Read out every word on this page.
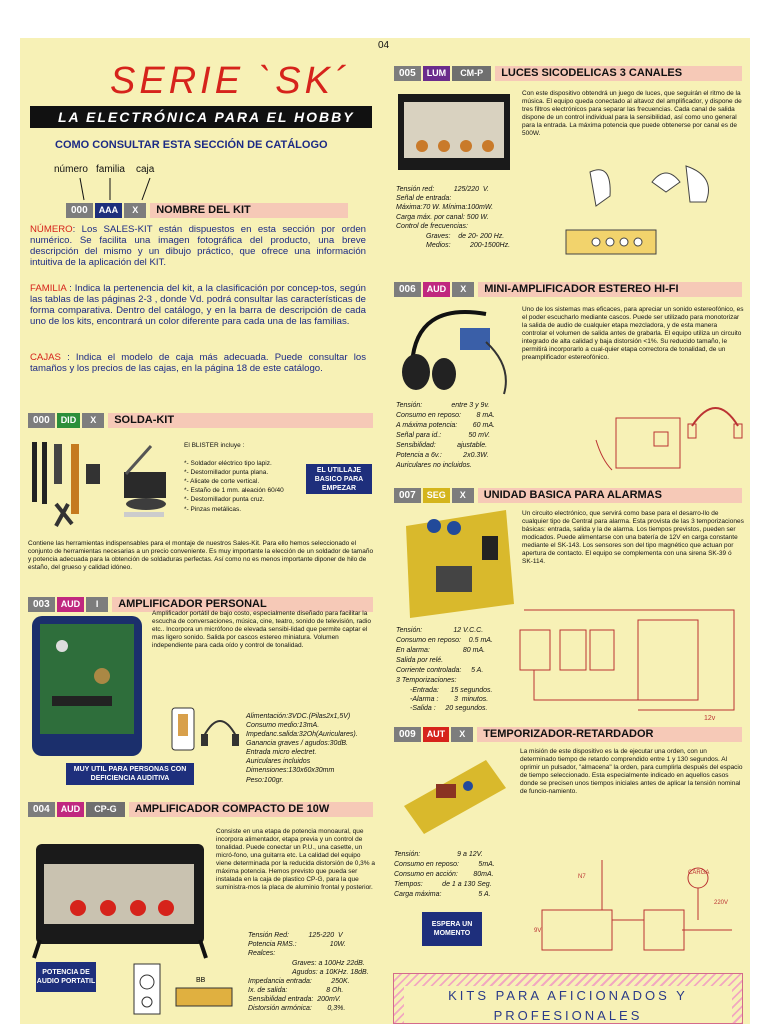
04
SERIE `SK´
LA ELECTRÓNICA PARA EL HOBBY
COMO CONSULTAR ESTA SECCIÓN DE CATÁLOGO
número familia caja
000	AAA	X	NOMBRE DEL KIT
NÚMERO: Los SALES-KIT están dispuestos en esta sección por orden numérico. Se facilita una imagen fotográfica del producto, una breve descripción del mismo y un dibujo práctico, que ofrece una información intuitiva de la aplicación del KIT.
FAMILIA : Indica la pertenencia del kit, a la clasificación por concep-tos, según las tablas de las páginas 2-3 , donde Vd. podrá consultar las características de forma comparativa. Dentro del catálogo, y en la barra de descripción de cada uno de los kits, encontrará un color diferente para cada una de las familias.
CAJAS : Indica el modelo de caja más adecuada. Puede consultar los tamaños y los precios de las cajas, en la página 18 de este catálogo.
000	DID	X	SOLDA-KIT
El BLISTER incluye :
*- Soldador eléctrico tipo lapiz.
*- Destornillador punta plana.
*- Alicate de corte vertical.
*- Estaño de 1 mm. aleación 60/40
*- Destornillador punta cruz.
*- Pinzas metálicas.
EL UTILLAJE BASICO PARA EMPEZAR
Contiene las herramientas indispensables para el montaje de nuestros Sales-Kit. Para ello hemos seleccionado el conjunto de herramientas necesarias a un precio conveniente. Es muy importante la elección de un soldador de tamaño y potencia adecuada para la obtención de soldaduras perfectas. Así como no es menos importante diponer de hilo de estaño, del grueso y calidad idóneo.
003	AUD	I	AMPLIFICADOR PERSONAL
Amplificador portátil de bajo costo, especialmente diseñado para facilitar la escucha de conversaciones, música, cine, teatro, sonido de televisión, radio etc.. Incorpora un micrófono de elevada sensibi-lidad que permite captar el mas ligero sonido. Salida por cascos estereo miniatura. Volumen independiente para cada oído y control de tonalidad.
Alimentación:3VDC.(Pilas2x1,5V)
Consumo medio:13mA.
Impedanc.salida:32Oh(Auriculares).
Ganancia graves / agudos:30dB.
Entrada micro electret.
Auriculares incluidos
Dimensiones:130x60x30mm
Peso:100gr.
MUY UTIL PARA PERSONAS CON DEFICIENCIA AUDITIVA
004	AUD	CP-G	AMPLIFICADOR COMPACTO DE 10W
Consiste en una etapa de potencia monoaural, que incorpora alimentador, etapa previa y un control de tonalidad. Puede conectar un P.U., una casette, un micró-fono, una guitarra etc. La calidad del equipo viene determinada por la reducida distorsión de 0,3% a máxima potencia. Hemos previsto que pueda ser instalada en la caja de plastico CP-G, para la que suministra-mos la placa de aluminio frontal y posterior.
Tensión Red:          125-220  V
Potencia RMS.:                 10W.
Realces:
Graves: a 100Hz 22dB.
Agudos: a 10KHz. 18dB.
Impedancia entrada:          250K.
Ix. de salida:                    8 Oh.
Sensibilidad entrada:  200mV.
Distorsión armónica:        0,3%.
POTENCIA DE AUDIO PORTATIL	BB
005	LUM	CM-P	LUCES SICODELICAS 3 CANALES
Con este dispositivo obtendrá un juego de luces, que seguirán el ritmo de la música. El equipo queda conectado al altavoz del amplificador, y dispone de tres filtros electrónicos para separar las frecuencias. Cada canal de salida dispone de un control individual para la sensibilidad, así como uno general para la entrada. La máxima potencia que puede obtenerse por canal es de 500W.
Tensión red:          125/220  V.
Señal de entrada:
Máxima:70 W. Mínima:100mW.
Carga máx. por canal: 500 W.
Control de frecuencias:
Graves:    de 20- 200 Hz.
Medios:          200-1500Hz.
006	AUD	X	MINI-AMPLIFICADOR ESTEREO HI-FI
Uno de los sistemas mas eficaces, para apreciar un sonido estereofónico, es el poder escucharlo mediante cascos. Puede ser utilizado para monotorizar la salida de audio de cualquier etapa mezcladora, y de esta manera controlar el volumen de salida antes de grabarla. El equipo utiliza un circuito integrado de alta calidad y baja distorsión <1%. Su reducido tamaño, le permitirá incorporarlo a cual-quier etapa correctora de tonalidad, de un preamplificador estereofónico.
Tensión:               entre 3 y 9v.
Consumo en reposo:        8 mA.
A máxima potencia:        60 mA.
Señal para id.:              50 mV.
Sensibilidad:           ajustable.
Potencia a 6v.:           2x0.3W.
Auriculares no incluidos.
007	SEG	X	UNIDAD BASICA PARA ALARMAS
Un circuito electrónico, que servirá como base para el desarro-llo de cualquier tipo de Central para alarma. Esta provista de las 3 temporizaciones básicas: entrada, salida y la de alarma. Los tiempos previstos, pueden ser modicados. Puede alimentarse con una batería de 12V en carga constante mediante el SK-143. Los sensores son del tipo magnético que actuan por apertura de contacto. El equipo se complementa con una sirena SK-39 ó SK-114.
Tensión:                12 V.C.C.
Consumo en reposo:    0.5 mA.
En alarma:                 80 mA.
Salida por relé.
Corriente controlada:     5 A.
3 Temporizaciones:
-Entrada:      15 segundos.
-Alarma :        3  minutos.
-Salida :     20 segundos.
12v
009	AUT	X	TEMPORIZADOR-RETARDADOR
La misión de este dispositivo es la de ejecutar una orden, con un determinado tiempo de retardo comprendido entre 1 y 130 segundos. Al oprimir un pulsador, "almacena" la orden, para cumplirla después del espacio de tiempo seleccionado. Esta especialmente indicado en aquellos casos donde se precisen unos tiempos iniciales antes de aplicar la tensión nominal de funcio-namiento.
Tensión:                   9 a 12V.
Consumo en reposo:          5mA.
Consumo en acción:        80mA.
Tiempos:          de 1 a 130 Seg.
Carga máxima:                   5 A.
ESPERA UN MOMENTO
N7
CARGA
220V
9V
KITS PARA AFICIONADOS Y PROFESIONALES
